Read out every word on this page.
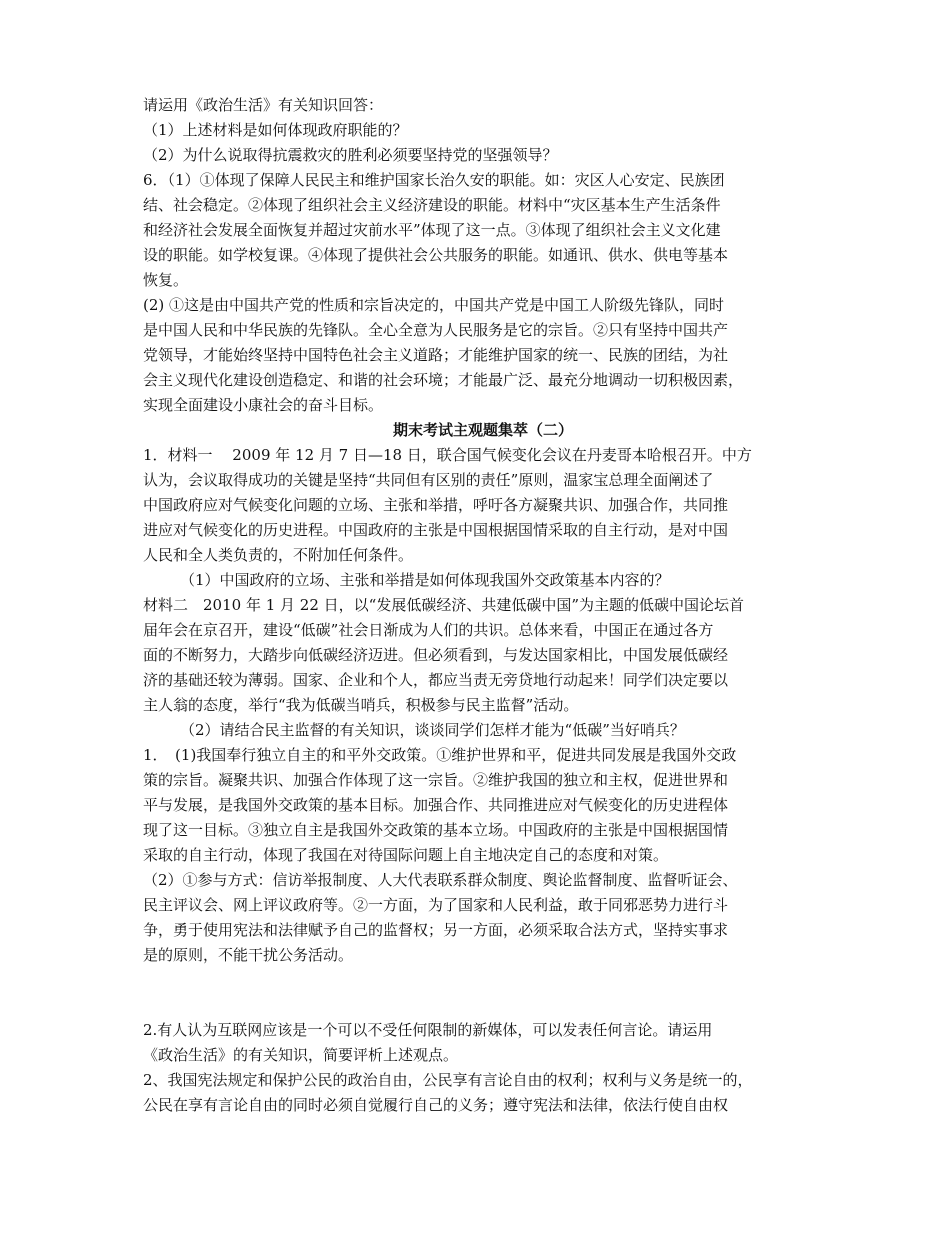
请运用《政治生活》有关知识回答：
（1）上述材料是如何体现政府职能的？
（2）为什么说取得抗震救灾的胜利必须要坚持党的坚强领导？
6．（1）①体现了保障人民民主和维护国家长治久安的职能。如：灾区人心安定、民族团
结、社会稳定。②体现了组织社会主义经济建设的职能。材料中“灾区基本生产生活条件
和经济社会发展全面恢复并超过灾前水平”体现了这一点。③体现了组织社会主义文化建
设的职能。如学校复课。④体现了提供社会公共服务的职能。如通讯、供水、供电等基本
恢复。
(2) ①这是由中国共产党的性质和宗旨决定的，中国共产党是中国工人阶级先锋队，同时
是中国人民和中华民族的先锋队。全心全意为人民服务是它的宗旨。②只有坚持中国共产
党领导，才能始终坚持中国特色社会主义道路；才能维护国家的统一、民族的团结，为社
会主义现代化建设创造稳定、和谐的社会环境；才能最广泛、最充分地调动一切积极因素，
实现全面建设小康社会的奋斗目标。
期末考试主观题集萃（二）
1．材料一　 2009 年 12 月 7 日—18 日，联合国气候变化会议在丹麦哥本哈根召开。中方
认为，会议取得成功的关键是坚持“共同但有区别的责任”原则，温家宝总理全面阐述了
中国政府应对气候变化问题的立场、主张和举措，呼吁各方凝聚共识、加强合作，共同推
进应对气候变化的历史进程。中国政府的主张是中国根据国情采取的自主行动，是对中国
人民和全人类负责的，不附加任何条件。
（1）中国政府的立场、主张和举措是如何体现我国外交政策基本内容的？
材料二　2010 年 1 月 22 日，以“发展低碳经济、共建低碳中国”为主题的低碳中国论坛首
届年会在京召开，建设“低碳”社会日渐成为人们的共识。总体来看，中国正在通过各方
面的不断努力，大踏步向低碳经济迈进。但必须看到，与发达国家相比，中国发展低碳经
济的基础还较为薄弱。国家、企业和个人，都应当责无旁贷地行动起来！同学们决定要以
主人翁的态度，举行“我为低碳当哨兵，积极参与民主监督”活动。
（2）请结合民主监督的有关知识，谈谈同学们怎样才能为“低碳”当好哨兵？
1．　(1)我国奉行独立自主的和平外交政策。①维护世界和平，促进共同发展是我国外交政
策的宗旨。凝聚共识、加强合作体现了这一宗旨。②维护我国的独立和主权，促进世界和
平与发展，是我国外交政策的基本目标。加强合作、共同推进应对气候变化的历史进程体
现了这一目标。③独立自主是我国外交政策的基本立场。中国政府的主张是中国根据国情
采取的自主行动，体现了我国在对待国际问题上自主地决定自己的态度和对策。
（2）①参与方式：信访举报制度、人大代表联系群众制度、舆论监督制度、监督听证会、
民主评议会、网上评议政府等。②一方面，为了国家和人民利益，敢于同邪恶势力进行斗
争，勇于使用宪法和法律赋予自己的监督权；另一方面，必须采取合法方式，坚持实事求
是的原则，不能干扰公务活动。
2.有人认为互联网应该是一个可以不受任何限制的新媒体，可以发表任何言论。请运用
《政治生活》的有关知识，简要评析上述观点。
2、我国宪法规定和保护公民的政治自由，公民享有言论自由的权利；权利与义务是统一的，
公民在享有言论自由的同时必须自觉履行自己的义务；遵守宪法和法律，依法行使自由权
